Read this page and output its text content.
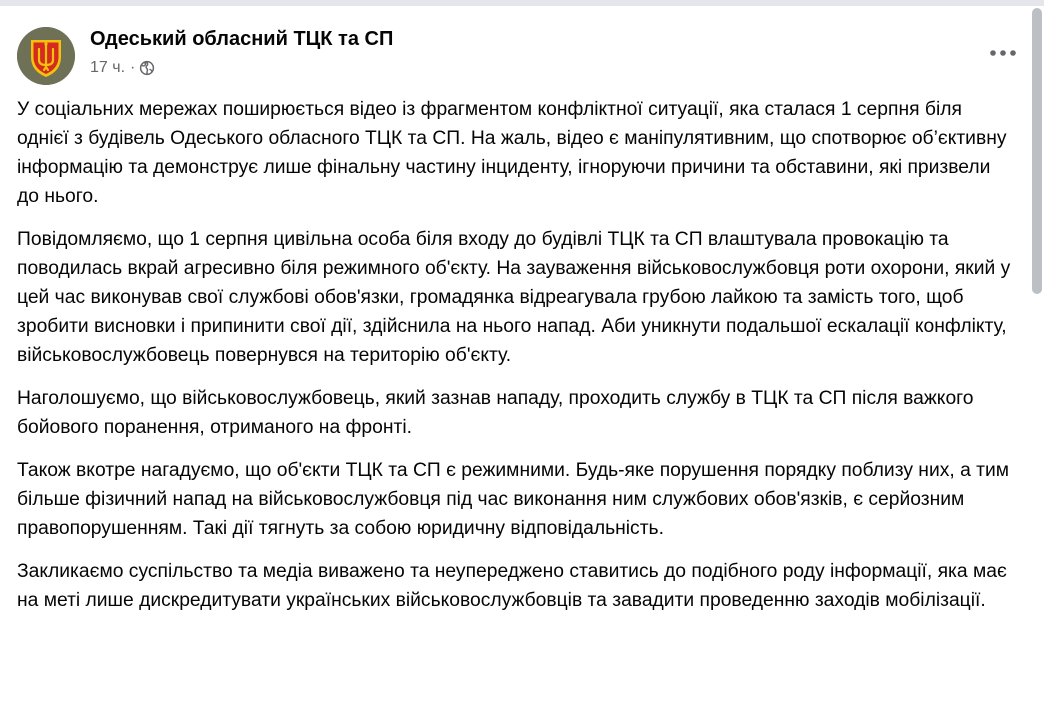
Одеський обласний ТЦК та СП
17 ч. ·

У соціальних мережах поширюється відео із фрагментом конфліктної ситуації, яка сталася 1 серпня біля однієї з будівель Одеського обласного ТЦК та СП. На жаль, відео є маніпулятивним, що спотворює об’єктивну інформацію та демонструє лише фінальну частину інциденту, ігноруючи причини та обставини, які призвели до нього.

Повідомляємо, що 1 серпня цивільна особа біля входу до будівлі ТЦК та СП влаштувала провокацію та поводилась вкрай агресивно біля режимного об'єкту. На зауваження військовослужбовця роти охорони, який у цей час виконував свої службові обов'язки, громадянка відреагувала грубою лайкою та замість того, щоб зробити висновки і припинити свої дії, здійснила на нього напад. Аби уникнути подальшої ескалації конфлікту, військовослужбовець повернувся на територію об'єкту.

Наголошуємо, що військовослужбовець, який зазнав нападу, проходить службу в ТЦК та СП після важкого бойового поранення, отриманого на фронті.

Також вкотре нагадуємо, що об'єкти ТЦК та СП є режимними. Будь-яке порушення порядку поблизу них, а тим більше фізичний напад на військовослужбовця під час виконання ним службових обов'язків, є серйозним правопорушенням. Такі дії тягнуть за собою юридичну відповідальність.

Закликаємо суспільство та медіа виважено та неупереджено ставитись до подібного роду інформації, яка має на меті лише дискредитувати українських військовослужбовців та завадити проведенню заходів мобілізації.
